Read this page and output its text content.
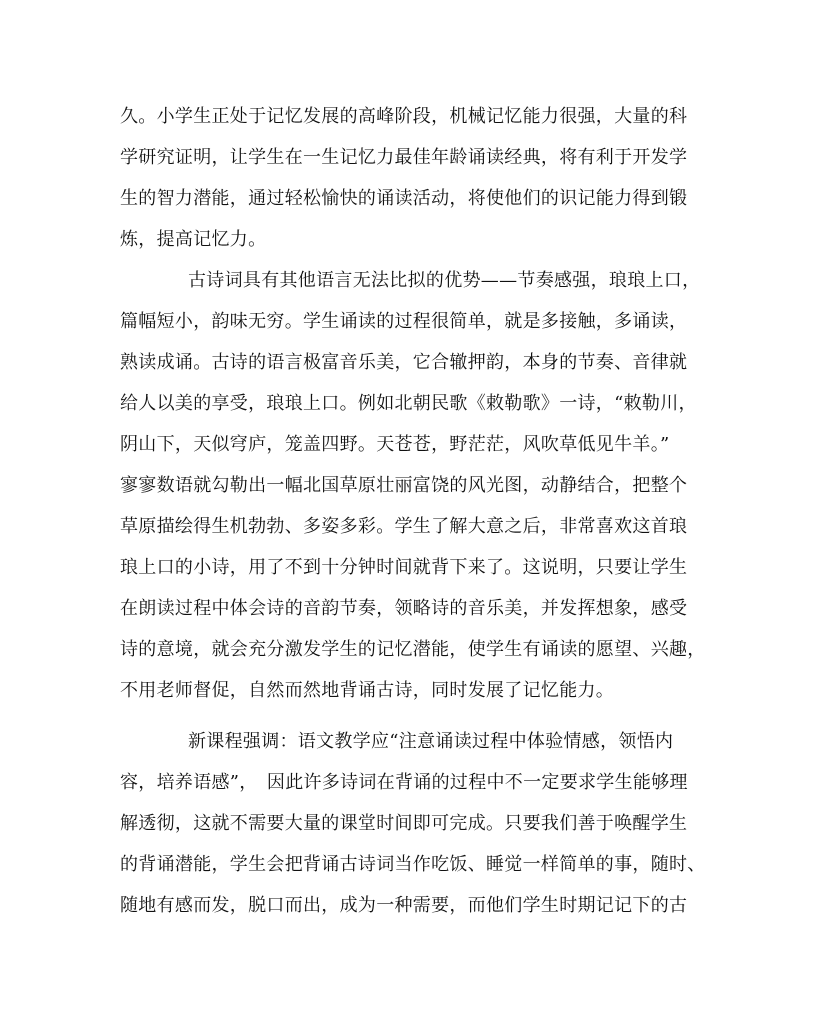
久。小学生正处于记忆发展的高峰阶段，机械记忆能力很强，大量的科
学研究证明，让学生在一生记忆力最佳年龄诵读经典，将有利于开发学
生的智力潜能，通过轻松愉快的诵读活动，将使他们的识记能力得到锻
炼，提高记忆力。
古诗词具有其他语言无法比拟的优势——节奏感强，琅琅上口，
篇幅短小，韵味无穷。学生诵读的过程很简单，就是多接触，多诵读，
熟读成诵。古诗的语言极富音乐美，它合辙押韵，本身的节奏、音律就
给人以美的享受，琅琅上口。例如北朝民歌《敕勒歌》一诗，“敕勒川，
阴山下，天似穹庐，笼盖四野。天苍苍，野茫茫，风吹草低见牛羊。”
寥寥数语就勾勒出一幅北国草原壮丽富饶的风光图，动静结合，把整个
草原描绘得生机勃勃、多姿多彩。学生了解大意之后，非常喜欢这首琅
琅上口的小诗，用了不到十分钟时间就背下来了。这说明，只要让学生
在朗读过程中体会诗的音韵节奏，领略诗的音乐美，并发挥想象，感受
诗的意境，就会充分激发学生的记忆潜能，使学生有诵读的愿望、兴趣，
不用老师督促，自然而然地背诵古诗，同时发展了记忆能力。
新课程强调：语文教学应“注意诵读过程中体验情感，领悟内
容，培养语感”，　因此许多诗词在背诵的过程中不一定要求学生能够理
解透彻，这就不需要大量的课堂时间即可完成。只要我们善于唤醒学生
的背诵潜能，学生会把背诵古诗词当作吃饭、睡觉一样简单的事，随时、
随地有感而发，脱口而出，成为一种需要，而他们学生时期记记下的古
